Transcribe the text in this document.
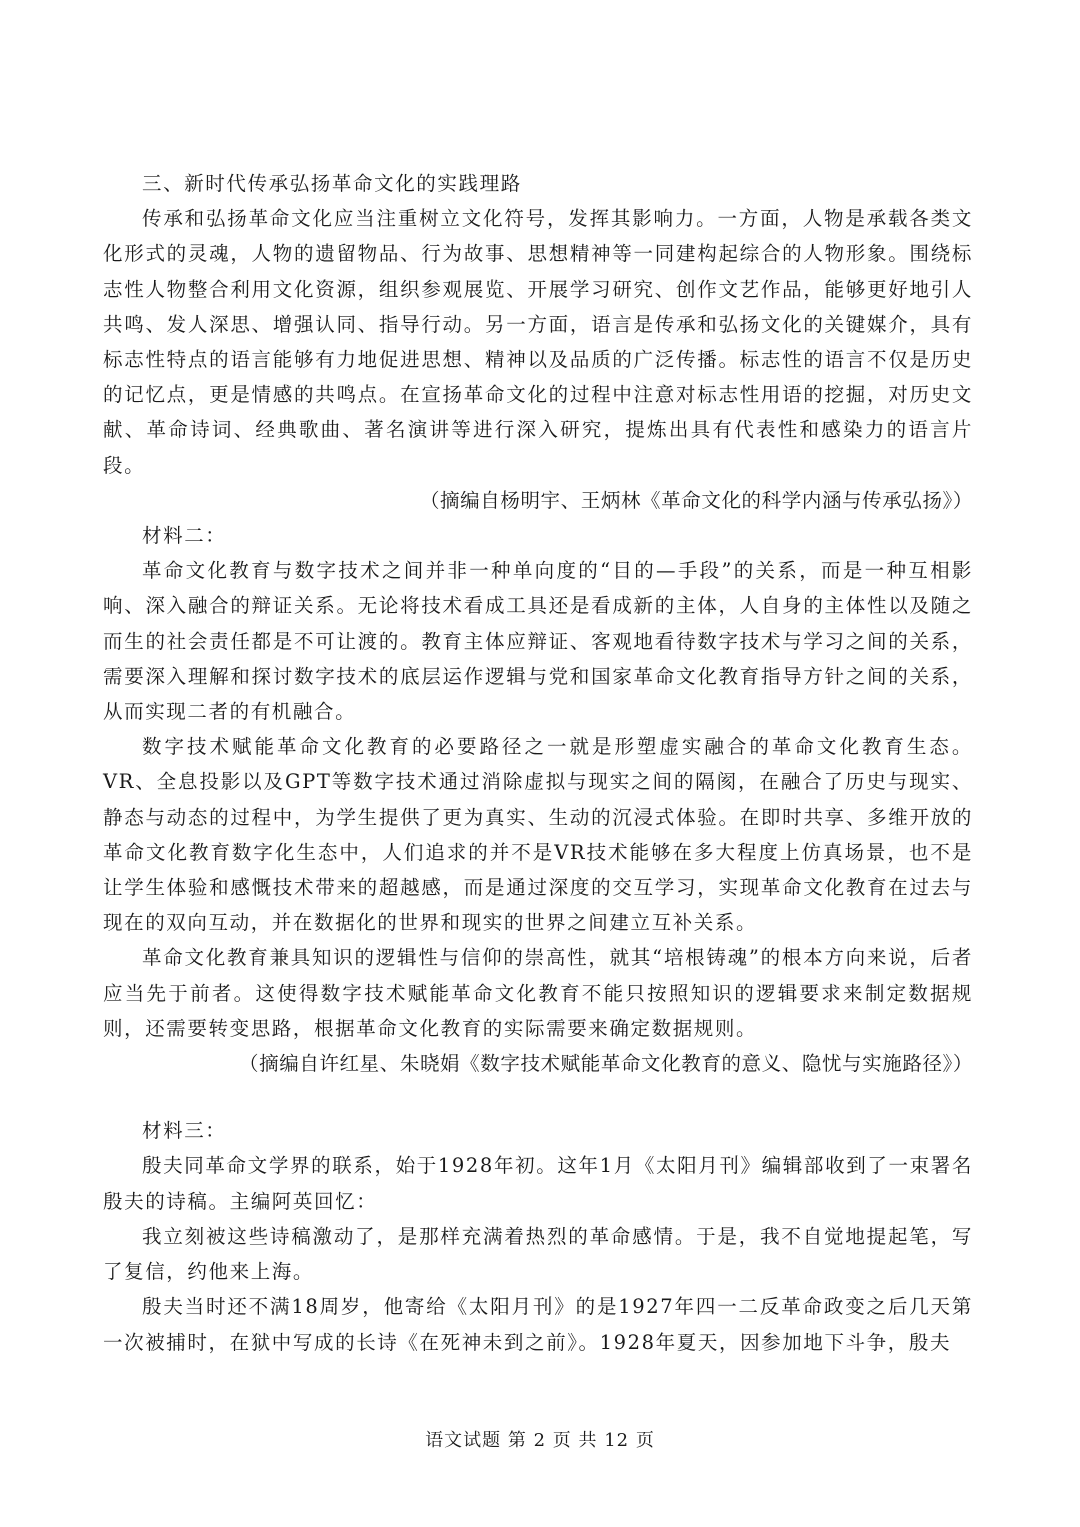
三、新时代传承弘扬革命文化的实践理路

传承和弘扬革命文化应当注重树立文化符号，发挥其影响力。一方面，人物是承载各类文化形式的灵魂，人物的遗留物品、行为故事、思想精神等一同建构起综合的人物形象。围绕标志性人物整合利用文化资源，组织参观展览、开展学习研究、创作文艺作品，能够更好地引人共鸣、发人深思、增强认同、指导行动。另一方面，语言是传承和弘扬文化的关键媒介，具有标志性特点的语言能够有力地促进思想、精神以及品质的广泛传播。标志性的语言不仅是历史的记忆点，更是情感的共鸣点。在宣扬革命文化的过程中注意对标志性用语的挖掘，对历史文献、革命诗词、经典歌曲、著名演讲等进行深入研究，提炼出具有代表性和感染力的语言片段。

（摘编自杨明宇、王炳林《革命文化的科学内涵与传承弘扬》）

材料二：

革命文化教育与数字技术之间并非一种单向度的“目的—手段”的关系，而是一种互相影响、深入融合的辩证关系。无论将技术看成工具还是看成新的主体，人自身的主体性以及随之而生的社会责任都是不可让渡的。教育主体应辩证、客观地看待数字技术与学习之间的关系，需要深入理解和探讨数字技术的底层运作逻辑与党和国家革命文化教育指导方针之间的关系，从而实现二者的有机融合。

数字技术赋能革命文化教育的必要路径之一就是形塑虚实融合的革命文化教育生态。VR、全息投影以及GPT等数字技术通过消除虚拟与现实之间的隔阂，在融合了历史与现实、静态与动态的过程中，为学生提供了更为真实、生动的沉浸式体验。在即时共享、多维开放的革命文化教育数字化生态中，人们追求的并不是VR技术能够在多大程度上仿真场景，也不是让学生体验和感慨技术带来的超越感，而是通过深度的交互学习，实现革命文化教育在过去与现在的双向互动，并在数据化的世界和现实的世界之间建立互补关系。

革命文化教育兼具知识的逻辑性与信仰的崇高性，就其“培根铸魂”的根本方向来说，后者应当先于前者。这使得数字技术赋能革命文化教育不能只按照知识的逻辑要求来制定数据规则，还需要转变思路，根据革命文化教育的实际需要来确定数据规则。

（摘编自许红星、朱晓娟《数字技术赋能革命文化教育的意义、隐忧与实施路径》）

材料三：

殷夫同革命文学界的联系，始于1928年初。这年1月《太阳月刊》编辑部收到了一束署名殷夫的诗稿。主编阿英回忆：

我立刻被这些诗稿激动了，是那样充满着热烈的革命感情。于是，我不自觉地提起笔，写了复信，约他来上海。

殷夫当时还不满18周岁，他寄给《太阳月刊》的是1927年四一二反革命政变之后几天第一次被捕时，在狱中写成的长诗《在死神未到之前》。1928年夏天，因参加地下斗争，殷夫

语文试题 第 2 页 共 12 页
